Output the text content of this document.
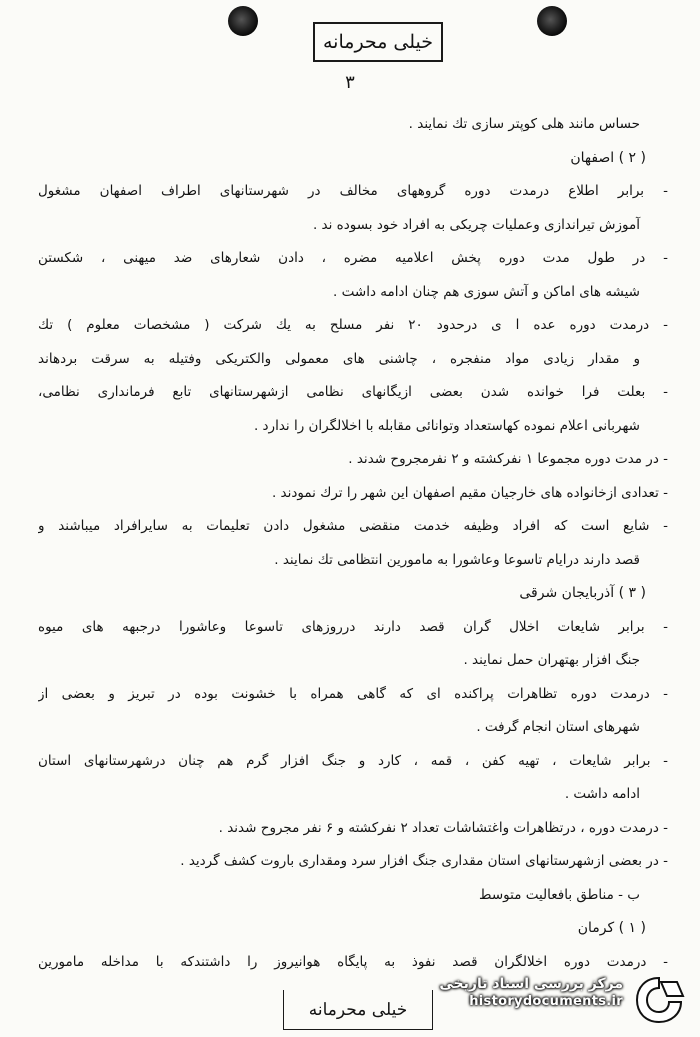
خیلی محرمانه
۳
حساس مانند هلی کوپتر سازی تك نمایند .
( ۲ ) اصفهان
- برابر اطلاع درمدت دوره گروههای مخالف در شهرستانهای اطراف اصفهان مشغول
آموزش تیراندازی وعملیات چریکی به افراد خود بسوده ند .
- در طول مدت دوره پخش اعلامیه مضره ، دادن شعارهای ضد میهنی ، شکستن
شیشه های اماکن و آتش سوزی هم چنان ادامه داشت .
- درمدت دوره عده ا ی درحدود ۲۰ نفر مسلح به یك شركت ( مشخصات معلوم ) تك
و مقدار زیادی مواد منفجره ، چاشنی های معمولی والکتریکی وفتیله به سرقت بردهاند
- بعلت فرا خوانده شدن بعضی ازیگانهای نظامی ازشهرستانهای تابع فرمانداری نظامی،
شهربانی اعلام نموده کهاستعداد وتوانائی مقابله با اخلالگران را ندارد .
- در مدت دوره مجموعا ۱ نفرکشته و ۲ نفرمجروح شدند .
- تعدادی ازخانواده های خارجیان مقیم اصفهان این شهر را ترك نمودند .
- شایع است که افراد وظیفه خدمت منقضی مشغول دادن تعلیمات به سایرافراد میباشند و
قصد دارند درایام تاسوعا وعاشورا به مامورین انتظامی تك نمایند .
( ۳ ) آذربایجان شرقی
- برابر شایعات اخلال گران قصد دارند درروزهای تاسوعا وعاشورا درجبهه های میوه
جنگ افزار بهتهران حمل نمایند .
- درمدت دوره تظاهرات پراکنده ای که گاهی همراه با خشونت بوده در تبریز و بعضی از
شهرهای استان انجام گرفت .
- برابر شایعات ، تهیه کفن ، قمه ، کارد و جنگ افزار گرم هم چنان درشهرستانهای استان
ادامه داشت .
- درمدت دوره ، درتظاهرات واغتشاشات تعداد ۲ نفرکشته و ۶ نفر مجروح شدند .
- در بعضی ازشهرستانهای استان مقداری جنگ افزار سرد ومقداری باروت کشف گردید .
ب - مناطق بافعالیت متوسط
( ۱ ) کرمان
- درمدت دوره اخلالگران قصد نفوذ به پایگاه هوانیروز را داشتندکه با مداخله مامورین
خیلی محرمانه
مرکز بررسی اسناد تاریخی
historydocuments.ir
